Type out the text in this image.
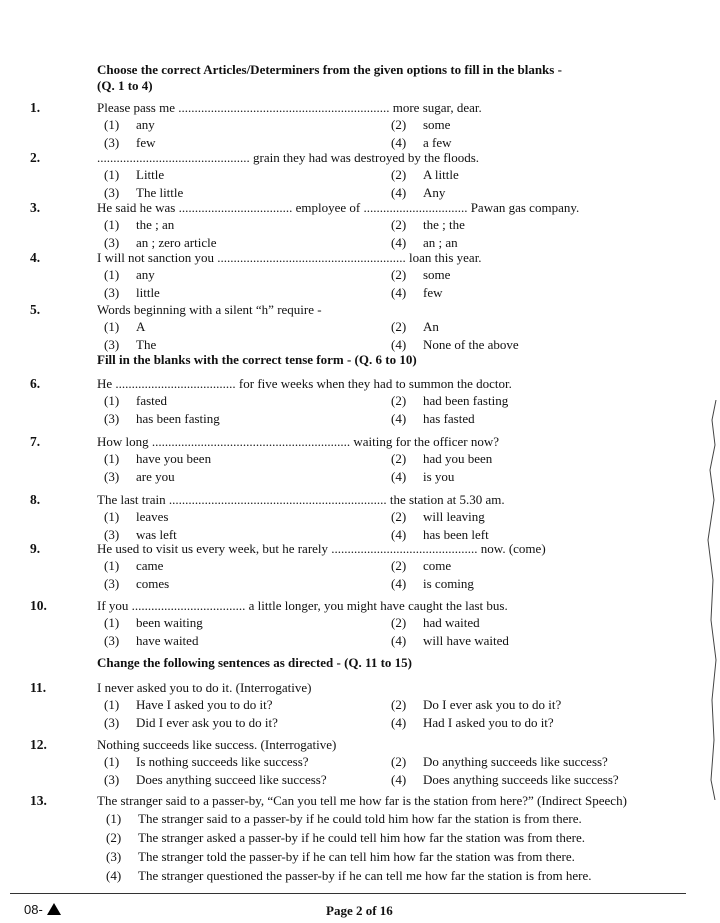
Choose the correct Articles/Determiners from the given options to fill in the blanks -
(Q. 1 to 4)
Fill in the blanks with the correct tense form - (Q. 6 to 10)
Change the following sentences as directed - (Q. 11 to 15)
1.	Please pass me ................................................................. more sugar, dear.
(1) any	(2) some
(3) few	(4) a few
2.	............................................... grain they had was destroyed by the floods.
(1) Little	(2) A little
(3) The little	(4) Any
3.	He said he was ................................... employee of ................................ Pawan gas company.
(1) the ; an	(2) the ; the
(3) an ; zero article	(4) an ; an
4.	I will not sanction you .......................................................... loan this year.
(1) any	(2) some
(3) little	(4) few
5.	Words beginning with a silent “h” require -
(1) A	(2) An
(3) The	(4) None of the above
6.	He ..................................... for five weeks when they had to summon the doctor.
(1) fasted	(2) had been fasting
(3) has been fasting	(4) has fasted
7.	How long ............................................................. waiting for the officer now?
(1) have you been	(2) had you been
(3) are you	(4) is you
8.	The last train ................................................................... the station at 5.30 am.
(1) leaves	(2) will leaving
(3) was left	(4) has been left
9.	He used to visit us every week, but he rarely ............................................. now. (come)
(1) came	(2) come
(3) comes	(4) is coming
10.	If you ................................... a little longer, you might have caught the last bus.
(1) been waiting	(2) had waited
(3) have waited	(4) will have waited
11.	I never asked you to do it. (Interrogative)
(1) Have I asked you to do it?	(2) Do I ever ask you to do it?
(3) Did I ever ask you to do it?	(4) Had I asked you to do it?
12.	Nothing succeeds like success. (Interrogative)
(1) Is nothing succeeds like success?	(2) Do anything succeeds like success?
(3) Does anything succeed like success?	(4) Does anything succeeds like success?
13.	The stranger said to a passer-by, “Can you tell me how far is the station from here?” (Indirect Speech)
(1) The stranger said to a passer-by if he could told him how far the station is from there.
(2) The stranger asked a passer-by if he could tell him how far the station was from there.
(3) The stranger told the passer-by if he can tell him how far the station was from there.
(4) The stranger questioned the passer-by if he can tell me how far the station is from here.
08-	Page 2 of 16
